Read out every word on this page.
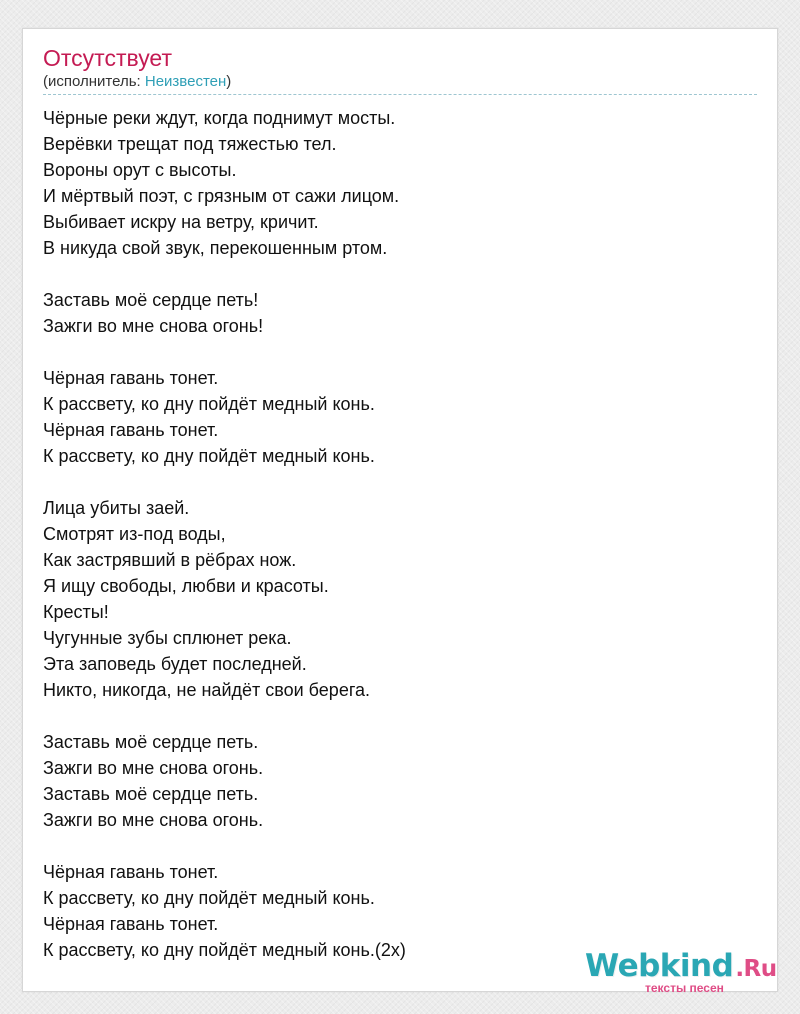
Отсутствует
(исполнитель: Неизвестен)
Чёрные реки ждут, когда поднимут мосты.
Верёвки трещат под тяжестью тел.
Вороны орут с высоты.
И мёртвый поэт, с грязным от сажи лицом.
Выбивает искру на ветру, кричит.
В никуда свой звук, перекошенным ртом.
Заставь моё сердце петь!
Зажги во мне снова огонь!
Чёрная гавань тонет.
К рассвету, ко дну пойдёт медный конь.
Чёрная гавань тонет.
К рассвету, ко дну пойдёт медный конь.
Лица убиты заей.
Смотрят из-под воды,
Как застрявший в рёбрах нож.
Я ищу свободы, любви и красоты.
Кресты!
Чугунные зубы сплюнет река.
Эта заповедь будет последней.
Никто, никогда, не найдёт свои берега.
Заставь моё сердце петь.
Зажги во мне снова огонь.
Заставь моё сердце петь.
Зажги во мне снова огонь.
Чёрная гавань тонет.
К рассвету, ко дну пойдёт медный конь.
Чёрная гавань тонет.
К рассвету, ко дну пойдёт медный конь.(2х)	Webkind.Ru
тексты песен
